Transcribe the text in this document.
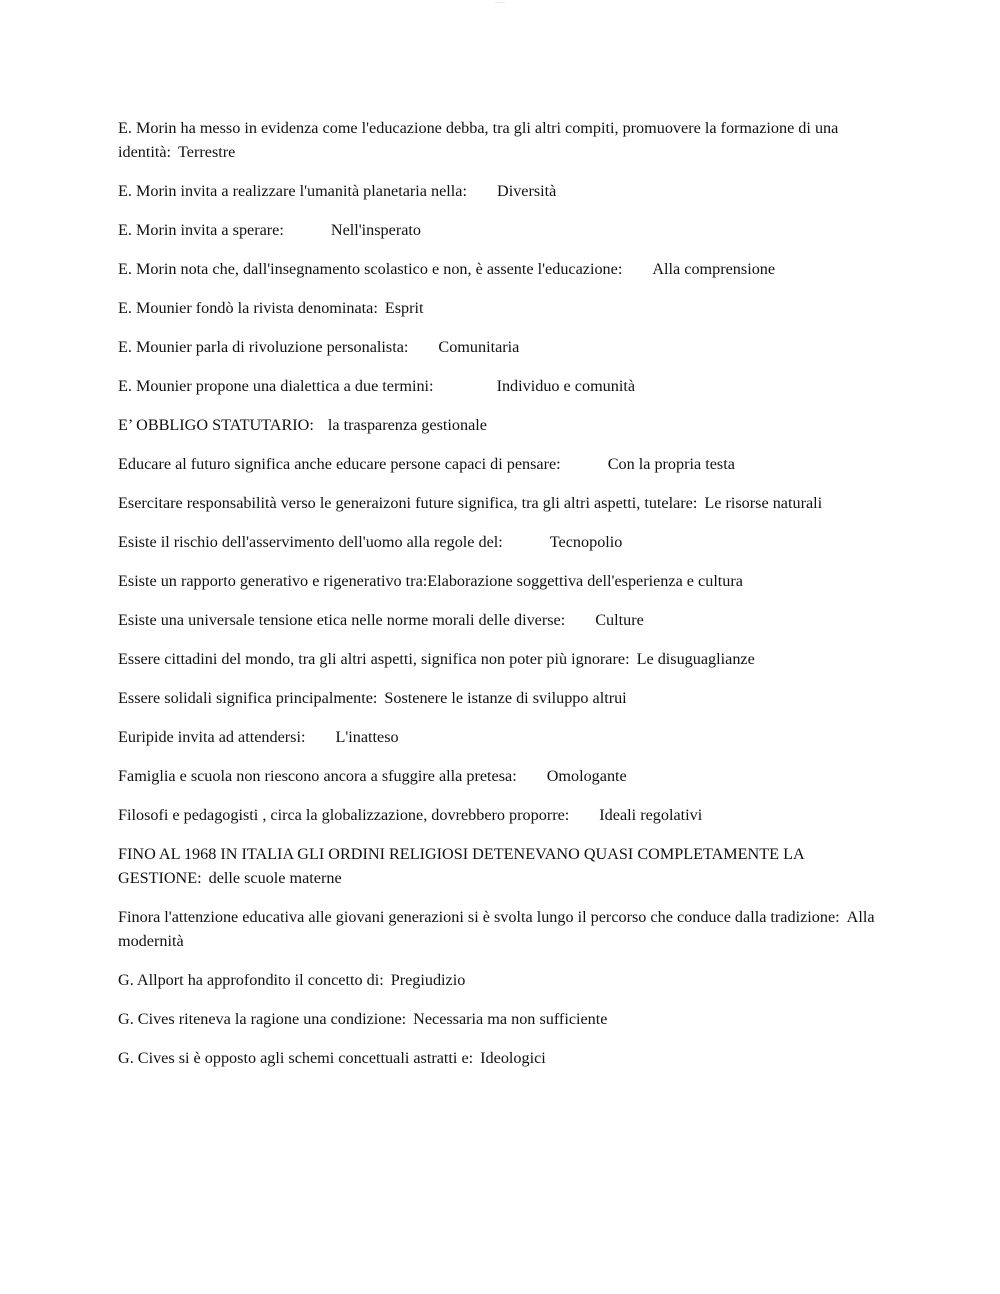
—— —

E. Morin ha messo in evidenza come l'educazione debba, tra gli altri compiti, promuovere la formazione di una identità: Terrestre

E. Morin invita a realizzare l'umanità planetaria nella: Diversità

E. Morin invita a sperare:	Nell'insperato

E. Morin nota che, dall'insegnamento scolastico e non, è assente l'educazione: Alla comprensione

E. Mounier fondò la rivista denominata: Esprit

E. Mounier parla di rivoluzione personalista: Comunitaria

E. Mounier propone una dialettica a due termini:	Individuo e comunità

E’ OBBLIGO STATUTARIO: la trasparenza gestionale

Educare al futuro significa anche educare persone capaci di pensare:	Con la propria testa

Esercitare responsabilità verso le generaizoni future significa, tra gli altri aspetti, tutelare: Le risorse naturali

Esiste il rischio dell'asservimento dell'uomo alla regole del:	Tecnopolio

Esiste un rapporto generativo e rigenerativo tra:Elaborazione soggettiva dell'esperienza e cultura

Esiste una universale tensione etica nelle norme morali delle diverse: Culture

Essere cittadini del mondo, tra gli altri aspetti, significa non poter più ignorare: Le disuguaglianze

Essere solidali significa principalmente: Sostenere le istanze di sviluppo altrui

Euripide invita ad attendersi: L'inatteso

Famiglia e scuola non riescono ancora a sfuggire alla pretesa: Omologante

Filosofi e pedagogisti , circa la globalizzazione, dovrebbero proporre: Ideali regolativi

FINO AL 1968 IN ITALIA GLI ORDINI RELIGIOSI DETENEVANO QUASI COMPLETAMENTE LA GESTIONE: delle scuole materne

Finora l'attenzione educativa alle giovani generazioni si è svolta lungo il percorso che conduce dalla tradizione: Alla modernità

G. Allport ha approfondito il concetto di: Pregiudizio

G. Cives riteneva la ragione una condizione: Necessaria ma non sufficiente

G. Cives si è opposto agli schemi concettuali astratti e: Ideologici
